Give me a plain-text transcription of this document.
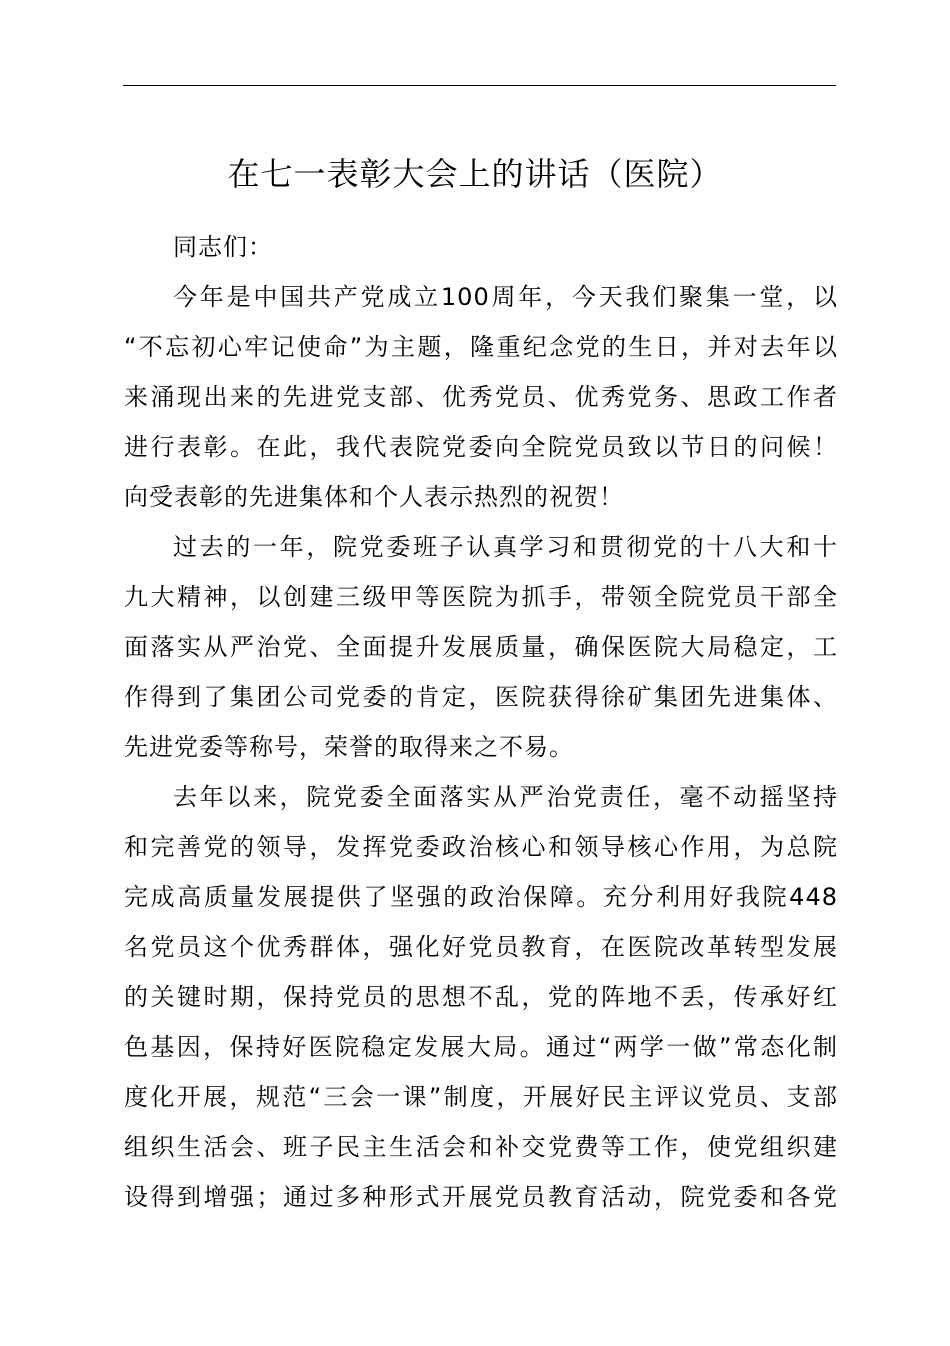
在七一表彰大会上的讲话（医院）
同志们：
今年是中国共产党成立100周年，今天我们聚集一堂，以
“不忘初心牢记使命”为主题，隆重纪念党的生日，并对去年以
来涌现出来的先进党支部、优秀党员、优秀党务、思政工作者
进行表彰。在此，我代表院党委向全院党员致以节日的问候！
向受表彰的先进集体和个人表示热烈的祝贺！
过去的一年，院党委班子认真学习和贯彻党的十八大和十
九大精神，以创建三级甲等医院为抓手，带领全院党员干部全
面落实从严治党、全面提升发展质量，确保医院大局稳定，工
作得到了集团公司党委的肯定，医院获得徐矿集团先进集体、
先进党委等称号，荣誉的取得来之不易。
去年以来，院党委全面落实从严治党责任，毫不动摇坚持
和完善党的领导，发挥党委政治核心和领导核心作用，为总院
完成高质量发展提供了坚强的政治保障。充分利用好我院448
名党员这个优秀群体，强化好党员教育，在医院改革转型发展
的关键时期，保持党员的思想不乱，党的阵地不丢，传承好红
色基因，保持好医院稳定发展大局。通过“两学一做”常态化制
度化开展，规范“三会一课”制度，开展好民主评议党员、支部
组织生活会、班子民主生活会和补交党费等工作，使党组织建
设得到增强；通过多种形式开展党员教育活动，院党委和各党
